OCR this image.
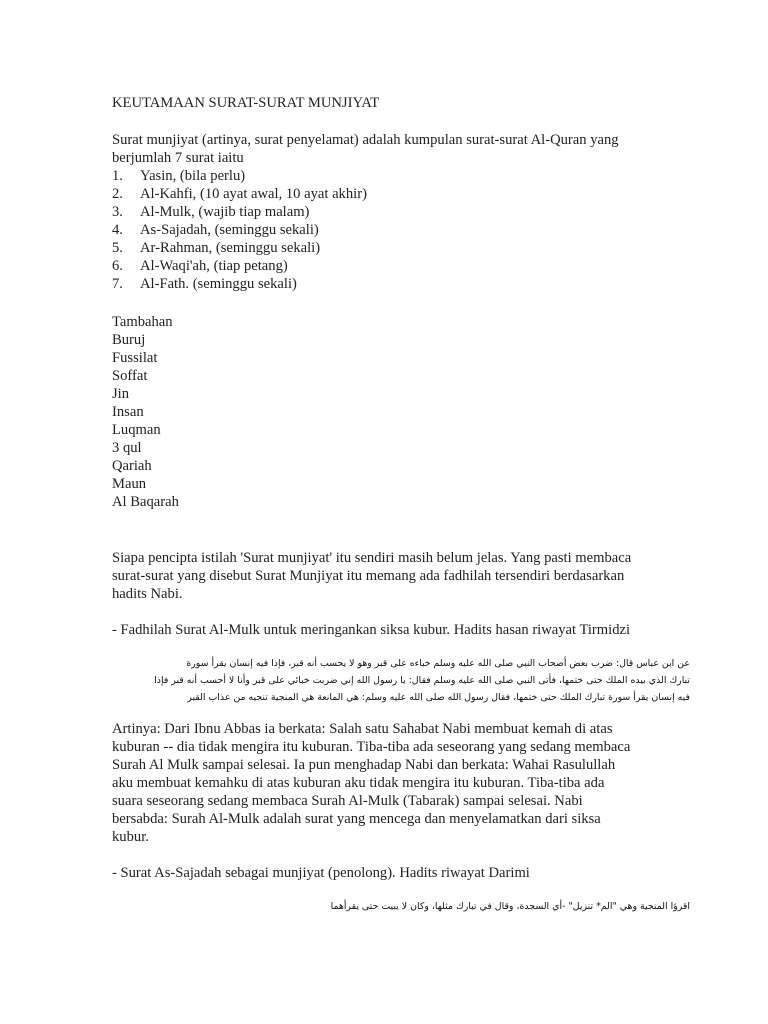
KEUTAMAAN SURAT-SURAT MUNJIYAT

Surat munjiyat (artinya, surat penyelamat) adalah kumpulan surat-surat Al-Quran yang

berjumlah 7 surat iaitu

1.	Yasin, (bila perlu)
2.	Al-Kahfi, (10 ayat awal, 10 ayat akhir)
3.	Al-Mulk, (wajib tiap malam)
4.	As-Sajadah, (seminggu sekali)
5.	Ar-Rahman, (seminggu sekali)
6.	Al-Waqi'ah, (tiap petang)
7.	Al-Fath. (seminggu sekali)

Tambahan

Buruj
Fussilat
Soffat
Jin
Insan
Luqman
3 qul
Qariah
Maun
Al Baqarah

Siapa pencipta istilah 'Surat munjiyat' itu sendiri masih belum jelas. Yang pasti membaca

surat-surat yang disebut Surat Munjiyat itu memang ada fadhilah tersendiri berdasarkan

hadits Nabi.

- Fadhilah Surat Al-Mulk untuk meringankan siksa kubur. Hadits hasan riwayat Tirmidzi

عن ابن عباس قال: ضرب بعض أصحاب النبي صلى الله عليه وسلم خباءه على قبر وهو لا يحسب أنه قبر، فإذا فيه إنسان يقرأ سورة

تبارك الذي بيده الملك حتى ختمها، فأتى النبي صلى الله عليه وسلم فقال: يا رسول الله إني ضربت خبائي على قبر وأنا لا أحسب أنه قبر فإذا

فيه إنسان يقرأ سورة تبارك الملك حتى ختمها، فقال رسول الله صلى الله عليه وسلم: هي المانعة هي المنجية تنجيه من عذاب القبر

Artinya: Dari Ibnu Abbas ia berkata: Salah satu Sahabat Nabi membuat kemah di atas

kuburan -- dia tidak mengira itu kuburan. Tiba-tiba ada seseorang yang sedang membaca

Surah Al Mulk sampai selesai. Ia pun menghadap Nabi dan berkata: Wahai Rasulullah

aku membuat kemahku di atas kuburan aku tidak mengira itu kuburan. Tiba-tiba ada

suara seseorang sedang membaca Surah Al-Mulk (Tabarak) sampai selesai. Nabi

bersabda: Surah Al-Mulk adalah surat yang mencega dan menyelamatkan dari siksa

kubur.

- Surat As-Sajadah sebagai munjiyat (penolong). Hadits riwayat Darimi

اقرؤا المنجية وهي "الم* تنزيل" -أي السجدة، وقال في تبارك مثلها، وكان لا يبيت حتى يقرأهما
